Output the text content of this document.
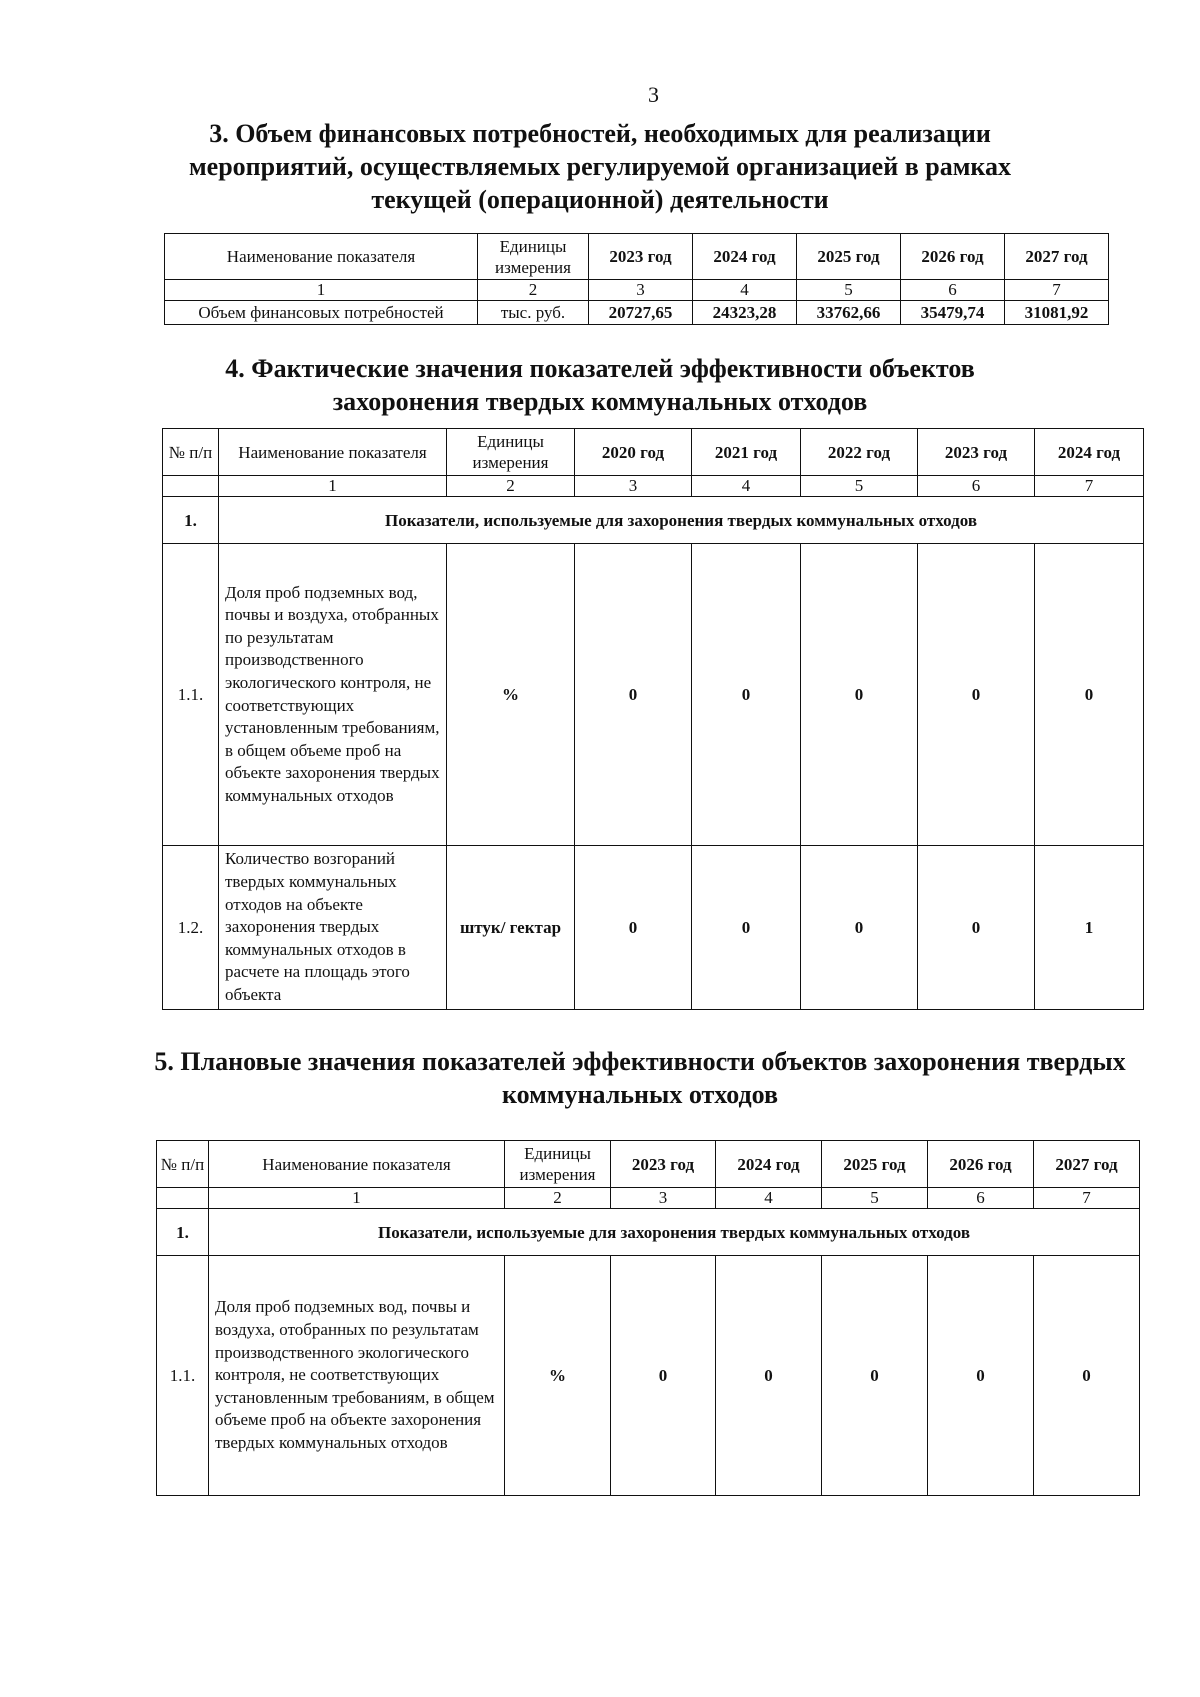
3
3. Объем финансовых потребностей, необходимых для реализации мероприятий, осуществляемых регулируемой организацией в рамках текущей (операционной) деятельности
Наименование показателя	Единицы измерения	2023 год	2024 год	2025 год	2026 год	2027 год
1	2	3	4	5	6	7
Объем финансовых потребностей	тыс. руб.	20727,65	24323,28	33762,66	35479,74	31081,92
4. Фактические значения показателей эффективности объектов захоронения твердых коммунальных отходов
№ п/п	Наименование показателя	Единицы измерения	2020 год	2021 год	2022 год	2023 год	2024 год
	1	2	3	4	5	6	7
1.	Показатели, используемые для захоронения твердых коммунальных отходов						
1.1.	Доля проб подземных вод, почвы и воздуха, отобранных по результатам производственного экологического контроля, не соответствующих установленным требованиям, в общем объеме проб на объекте захоронения твердых коммунальных отходов	%	0	0	0	0	0
1.2.	Количество возгораний твердых коммунальных отходов на объекте захоронения твердых коммунальных отходов в расчете на площадь этого объекта	штук/ гектар	0	0	0	0	1
5. Плановые значения показателей эффективности объектов захоронения твердых коммунальных отходов
№ п/п	Наименование показателя	Единицы измерения	2023 год	2024 год	2025 год	2026 год	2027 год
	1	2	3	4	5	6	7
1.	Показатели, используемые для захоронения твердых коммунальных отходов						
1.1.	Доля проб подземных вод, почвы и воздуха, отобранных по результатам производственного экологического контроля, не соответствующих установленным требованиям, в общем объеме проб на объекте захоронения твердых коммунальных отходов	%	0	0	0	0	0
